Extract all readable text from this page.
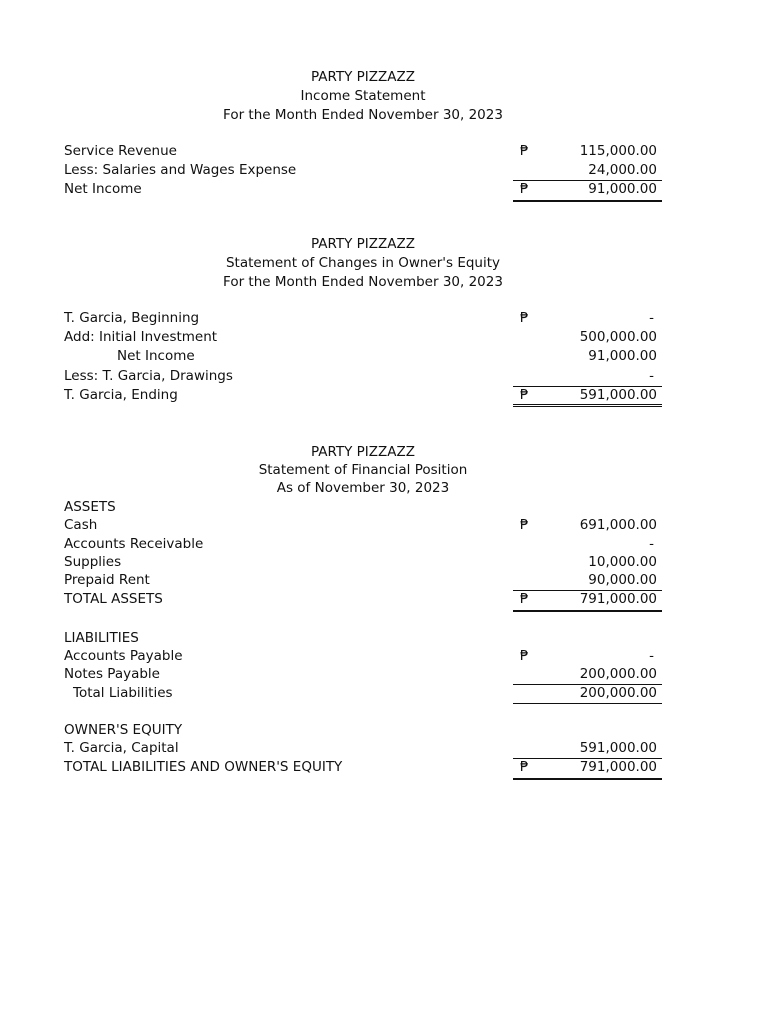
PARTY PIZZAZZ
Income Statement
For the Month Ended November 30, 2023
Service Revenue	₱	115,000.00
Less: Salaries and Wages Expense	24,000.00
Net Income	₱	91,000.00
PARTY PIZZAZZ
Statement of Changes in Owner's Equity
For the Month Ended November 30, 2023
T. Garcia, Beginning	₱	-
Add: Initial Investment	500,000.00
Net Income	91,000.00
Less: T. Garcia, Drawings	-
T. Garcia, Ending	₱	591,000.00
PARTY PIZZAZZ
Statement of Financial Position
As of November 30, 2023
ASSETS
Cash	₱	691,000.00
Accounts Receivable	-
Supplies	10,000.00
Prepaid Rent	90,000.00
TOTAL ASSETS	₱	791,000.00
LIABILITIES
Accounts Payable	₱	-
Notes Payable	200,000.00
Total Liabilities	200,000.00
OWNER'S EQUITY
T. Garcia, Capital	591,000.00
TOTAL LIABILITIES AND OWNER'S EQUITY	₱	791,000.00
